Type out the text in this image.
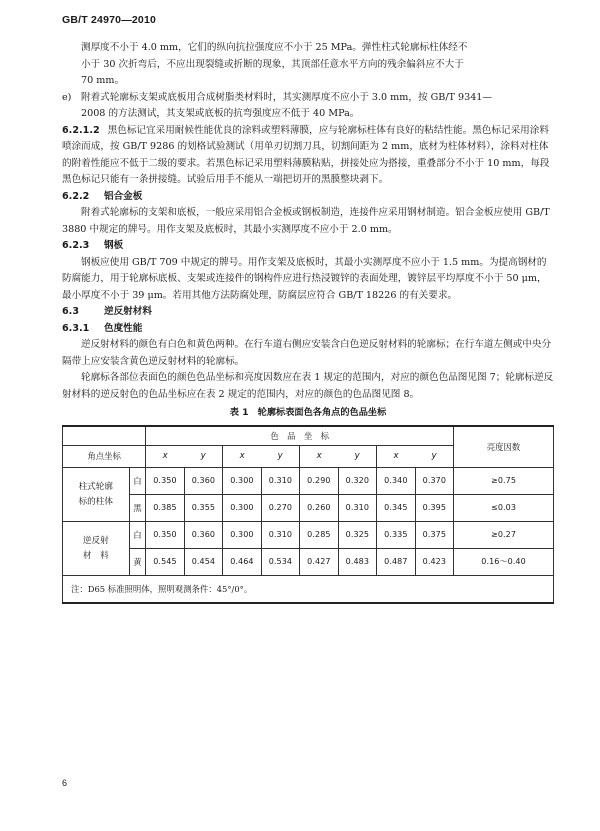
GB/T 24970—2010

测厚度不小于 4.0 mm，它们的纵向抗拉强度应不小于 25 MPa。弹性柱式轮廓标柱体经不

小于 30 次折弯后，不应出现裂缝或折断的现象，其顶部任意水平方向的残余偏斜应不大于

70 mm。

e) 附着式轮廓标支架或底板用合成树脂类材料时，其实测厚度不应小于 3.0 mm，按 GB/T 9341—

2008 的方法测试，其支架或底板的抗弯强度应不低于 40 MPa。

6.2.1.2 黑色标记宜采用耐候性能优良的涂料或塑料薄膜，应与轮廓标柱体有良好的粘结性能。黑色标记采用涂料喷涂而成，按 GB/T 9286 的划格试验测试（用单刃切割刀具，切割间距为 2 mm，底材为柱体材料），涂料对柱体的附着性能应不低于二级的要求。若黑色标记采用塑料薄膜粘贴，拼接处应为搭接，重叠部分不小于 10 mm，每段黑色标记只能有一条拼接缝。试验后用手不能从一端把切开的黑膜整块剥下。

6.2.2 铝合金板

附着式轮廓标的支架和底板，一般应采用铝合金板或钢板制造，连接件应采用钢材制造。铝合金板应使用 GB/T 3880 中规定的牌号。用作支架及底板时，其最小实测厚度不应小于 2.0 mm。

6.2.3 钢板

钢板应使用 GB/T 709 中规定的牌号。用作支架及底板时，其最小实测厚度不应小于 1.5 mm。为提高钢材的防腐能力，用于轮廓标底板、支架或连接件的钢构件应进行热浸镀锌的表面处理，镀锌层平均厚度不小于 50 μm，最小厚度不小于 39 μm。若用其他方法防腐处理，防腐层应符合 GB/T 18226 的有关要求。

6.3	逆反射材料

6.3.1 色度性能

逆反射材料的颜色有白色和黄色两种。在行车道右侧应安装含白色逆反射材料的轮廓标；在行车道左侧或中央分隔带上应安装含黄色逆反射材料的轮廓标。

轮廓标各部位表面色的颜色色品坐标和亮度因数应在表 1 规定的范围内，对应的颜色色品图见图 7；轮廓标逆反射材料的逆反射色的色品坐标应在表 2 规定的范围内，对应的颜色的色品图见图 8。

表 1　轮廓标表面色各角点的色品坐标
		色　品　坐　标								亮度因数
角点坐标		x y		x y		x y		x y		

柱式轮廓
标的柱体	白	0.350	0.360	0.300	0.310	0.290	0.320	0.340	0.370	≥0.75
	黑	0.385	0.355	0.300	0.270	0.260	0.310	0.345	0.395	≤0.03

逆反射
材　料	白	0.350	0.360	0.300	0.310	0.285	0.325	0.335	0.375	≥0.27
	黄	0.545	0.454	0.464	0.534	0.427	0.483	0.487	0.423	0.16～0.40
注：D65 标准照明体，照明观测条件：45°/0°。										
6
